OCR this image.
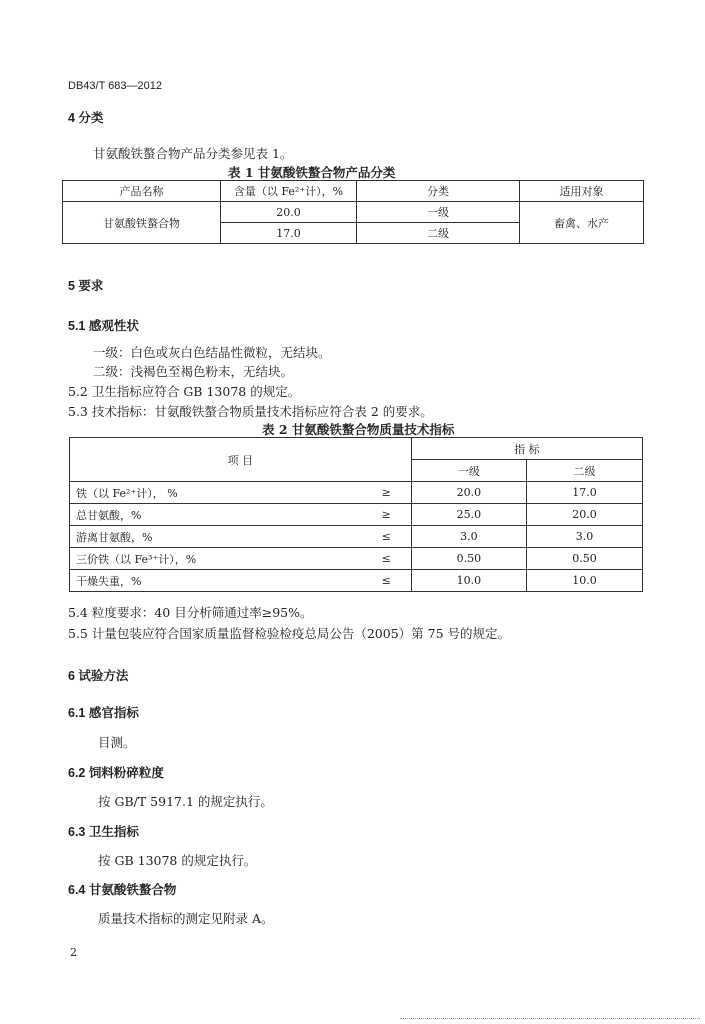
DB43/T 683—2012
4 分类
甘氨酸铁螯合物产品分类参见表 1。
表 1 甘氨酸铁螯合物产品分类
产品名称	含量（以 Fe²⁺计），%	分类	适用对象
甘氨酸铁螯合物	20.0	一级	畜禽、水产
	17.0	二级	
5 要求
5.1 感观性状
一级：白色或灰白色结晶性微粒，无结块。
二级：浅褐色至褐色粉末，无结块。
5.2 卫生指标应符合 GB 13078 的规定。
5.3 技术指标：甘氨酸铁螯合物质量技术指标应符合表 2 的要求。
表 2 甘氨酸铁螯合物质量技术指标
项 目		指 标	
		一级	二级
铁（以 Fe²⁺计）， %	≥	20.0	17.0
总甘氨酸，%	≥	25.0	20.0
游离甘氨酸，%	≤	3.0	3.0
三价铁（以 Fe³⁺计），%	≤	0.50	0.50
干燥失重，%	≤	10.0	10.0
5.4 粒度要求：40 目分析筛通过率≥95%。
5.5 计量包装应符合国家质量监督检验检疫总局公告（2005）第 75 号的规定。
6 试验方法
6.1 感官指标
目测。
6.2 饲料粉碎粒度
按 GB/T 5917.1 的规定执行。
6.3 卫生指标
按 GB 13078 的规定执行。
6.4 甘氨酸铁螯合物
质量技术指标的测定见附录 A。
2
